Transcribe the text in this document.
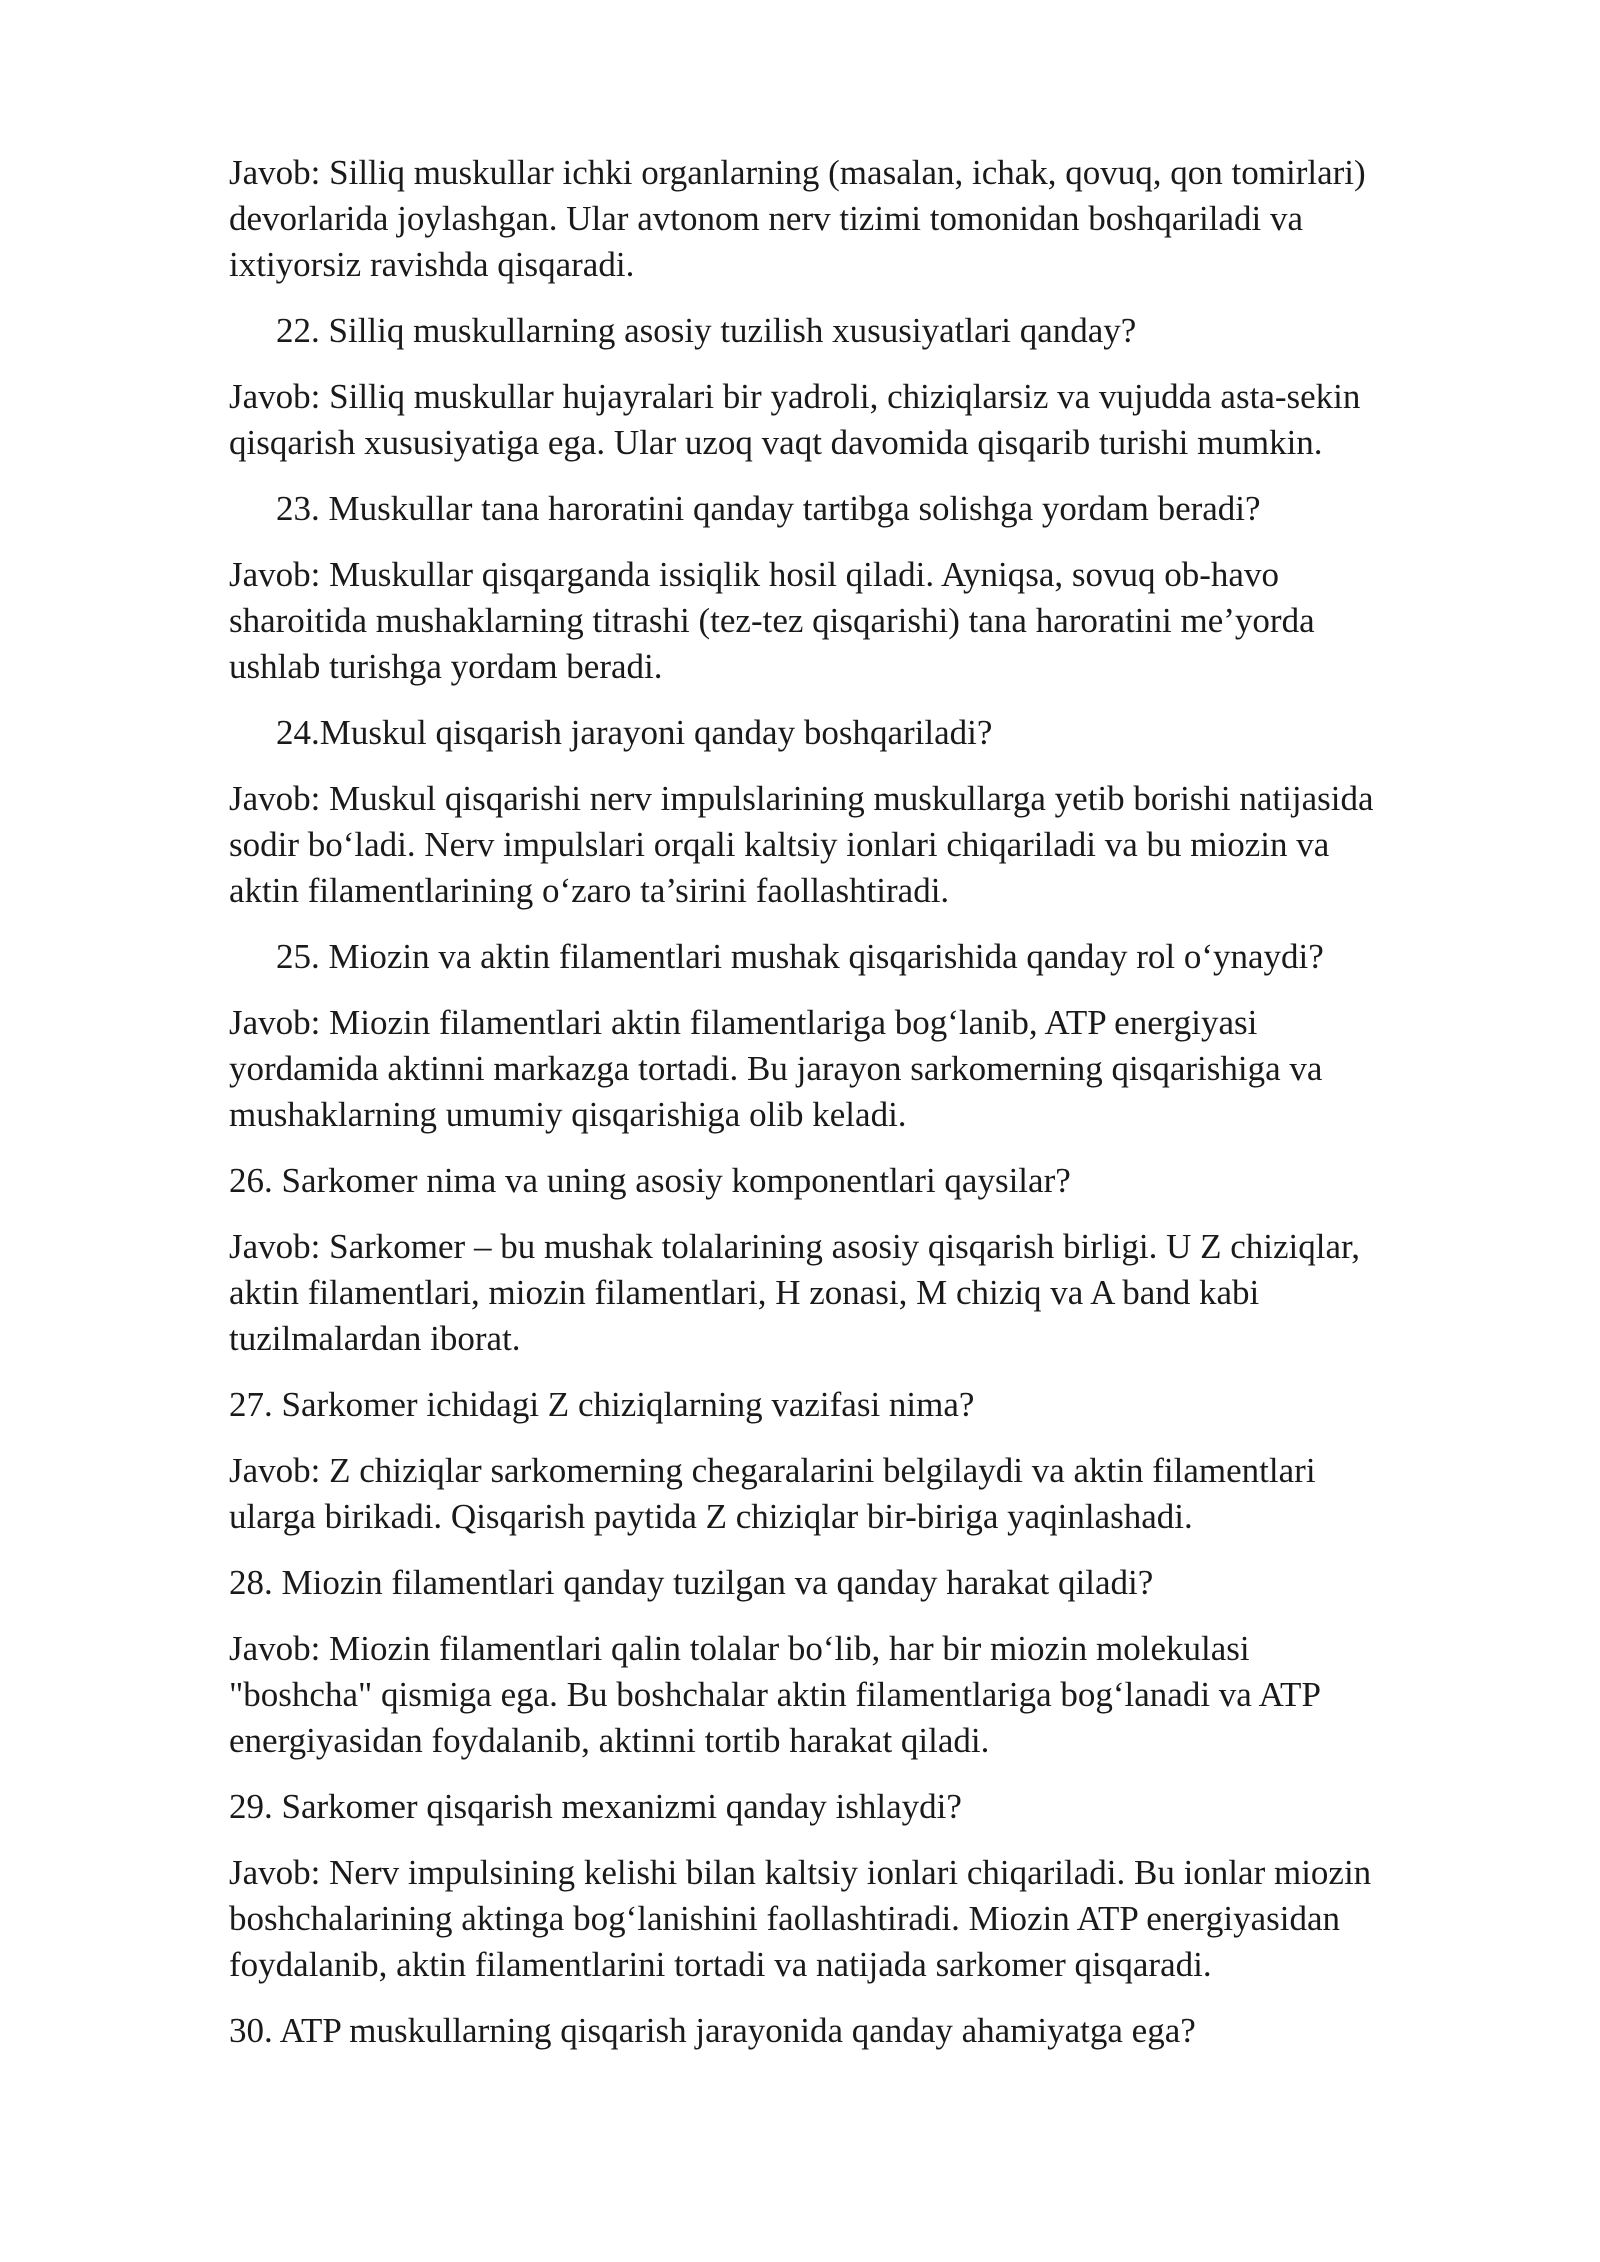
Javob: Silliq muskullar ichki organlarning (masalan, ichak, qovuq, qon tomirlari)
devorlarida joylashgan. Ular avtonom nerv tizimi tomonidan boshqariladi va
ixtiyorsiz ravishda qisqaradi.
22. Silliq muskullarning asosiy tuzilish xususiyatlari qanday?
Javob: Silliq muskullar hujayralari bir yadroli, chiziqlarsiz va vujudda asta-sekin
qisqarish xususiyatiga ega. Ular uzoq vaqt davomida qisqarib turishi mumkin.
23. Muskullar tana haroratini qanday tartibga solishga yordam beradi?
Javob: Muskullar qisqarganda issiqlik hosil qiladi. Ayniqsa, sovuq ob-havo
sharoitida mushaklarning titrashi (tez-tez qisqarishi) tana haroratini me’yorda
ushlab turishga yordam beradi.
24.Muskul qisqarish jarayoni qanday boshqariladi?
Javob: Muskul qisqarishi nerv impulslarining muskullarga yetib borishi natijasida
sodir bo‘ladi. Nerv impulslari orqali kaltsiy ionlari chiqariladi va bu miozin va
aktin filamentlarining o‘zaro ta’sirini faollashtiradi.
25. Miozin va aktin filamentlari mushak qisqarishida qanday rol o‘ynaydi?
Javob: Miozin filamentlari aktin filamentlariga bog‘lanib, ATP energiyasi
yordamida aktinni markazga tortadi. Bu jarayon sarkomerning qisqarishiga va
mushaklarning umumiy qisqarishiga olib keladi.
26. Sarkomer nima va uning asosiy komponentlari qaysilar?
Javob: Sarkomer – bu mushak tolalarining asosiy qisqarish birligi. U Z chiziqlar,
aktin filamentlari, miozin filamentlari, H zonasi, M chiziq va A band kabi
tuzilmalardan iborat.
27. Sarkomer ichidagi Z chiziqlarning vazifasi nima?
Javob: Z chiziqlar sarkomerning chegaralarini belgilaydi va aktin filamentlari
ularga birikadi. Qisqarish paytida Z chiziqlar bir-biriga yaqinlashadi.
28. Miozin filamentlari qanday tuzilgan va qanday harakat qiladi?
Javob: Miozin filamentlari qalin tolalar bo‘lib, har bir miozin molekulasi
"boshcha" qismiga ega. Bu boshchalar aktin filamentlariga bog‘lanadi va ATP
energiyasidan foydalanib, aktinni tortib harakat qiladi.
29. Sarkomer qisqarish mexanizmi qanday ishlaydi?
Javob: Nerv impulsining kelishi bilan kaltsiy ionlari chiqariladi. Bu ionlar miozin
boshchalarining aktinga bog‘lanishini faollashtiradi. Miozin ATP energiyasidan
foydalanib, aktin filamentlarini tortadi va natijada sarkomer qisqaradi.
30. ATP muskullarning qisqarish jarayonida qanday ahamiyatga ega?
